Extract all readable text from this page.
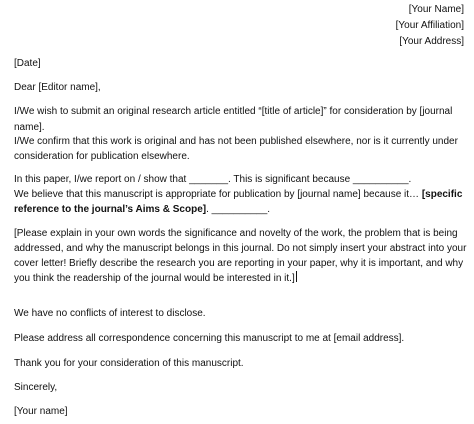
[Your Name]
[Your Affiliation]
[Your Address]
[Date]
Dear [Editor name],
I/We wish to submit an original research article entitled “[title of article]” for consideration by [journal
name].
I/We confirm that this work is original and has not been published elsewhere, nor is it currently under
consideration for publication elsewhere.
In this paper, I/we report on / show that _______. This is significant because __________.
We believe that this manuscript is appropriate for publication by [journal name] because it… [specific
reference to the journal’s Aims & Scope]. __________.
[Please explain in your own words the significance and novelty of the work, the problem that is being
addressed, and why the manuscript belongs in this journal. Do not simply insert your abstract into your
cover letter! Briefly describe the research you are reporting in your paper, why it is important, and why
you think the readership of the journal would be interested in it.]
We have no conflicts of interest to disclose.
Please address all correspondence concerning this manuscript to me at [email address].
Thank you for your consideration of this manuscript.
Sincerely,
[Your name]
